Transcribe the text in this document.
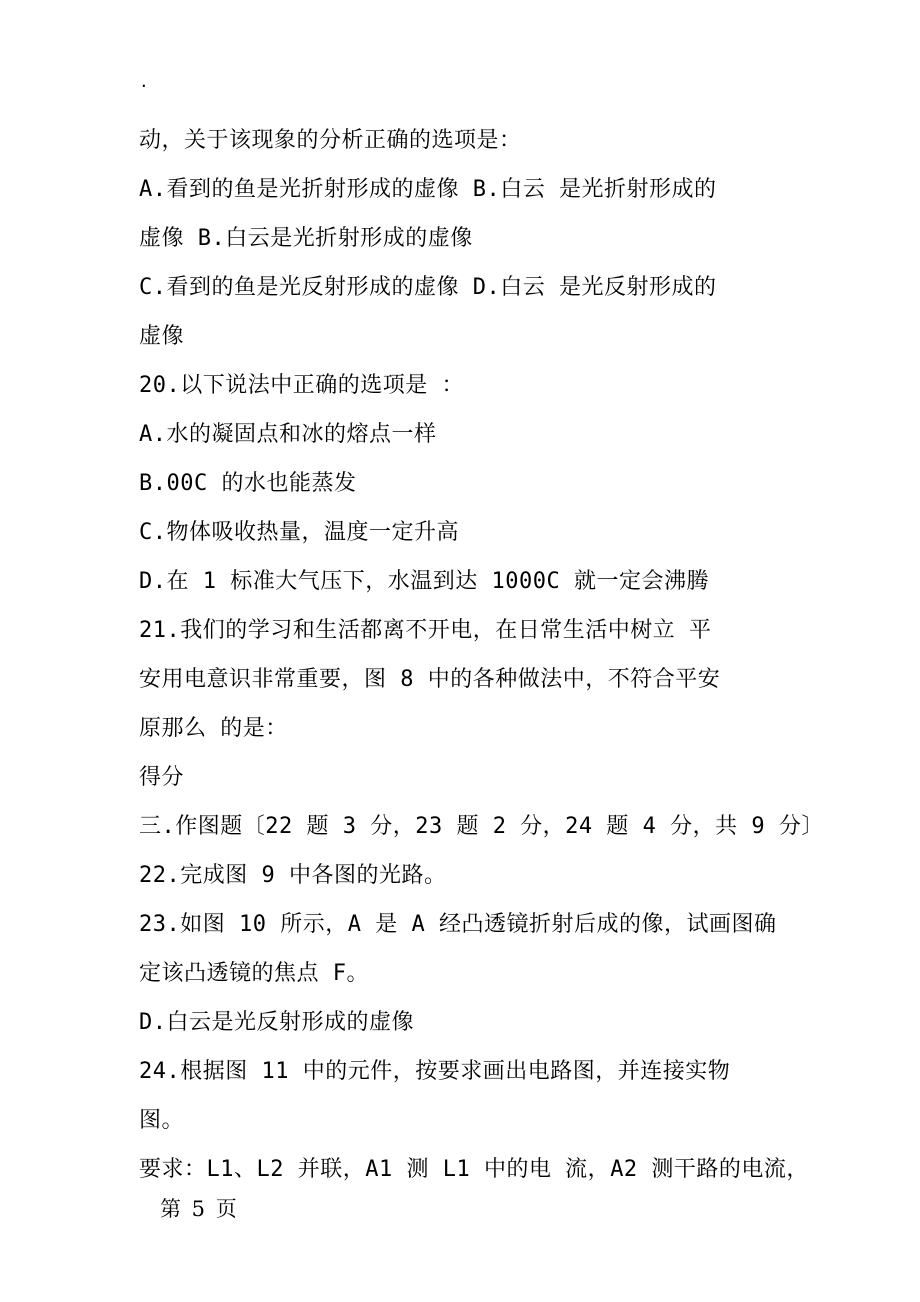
.
动，关于该现象的分析正确的选项是：
A.看到的鱼是光折射形成的虚像 B.白云 是光折射形成的
虚像 B.白云是光折射形成的虚像
C.看到的鱼是光反射形成的虚像 D.白云 是光反射形成的
虚像
20.以下说法中正确的选项是 ：
A.水的凝固点和冰的熔点一样
B.00C 的水也能蒸发
C.物体吸收热量，温度一定升高
D.在 1 标准大气压下，水温到达 1000C 就一定会沸腾
21.我们的学习和生活都离不开电，在日常生活中树立 平
安用电意识非常重要，图 8 中的各种做法中，不符合平安
原那么 的是：
得分
三.作图题〔22 题 3 分，23 题 2 分，24 题 4 分，共 9 分〕
22.完成图 9 中各图的光路。
23.如图 10 所示，A 是 A 经凸透镜折射后成的像，试画图确
定该凸透镜的焦点 F。
D.白云是光反射形成的虚像
24.根据图 11 中的元件，按要求画出电路图，并连接实物
图。
要求：L1、L2 并联，A1 测 L1 中的电 流，A2 测干路的电流，
第 5 页
